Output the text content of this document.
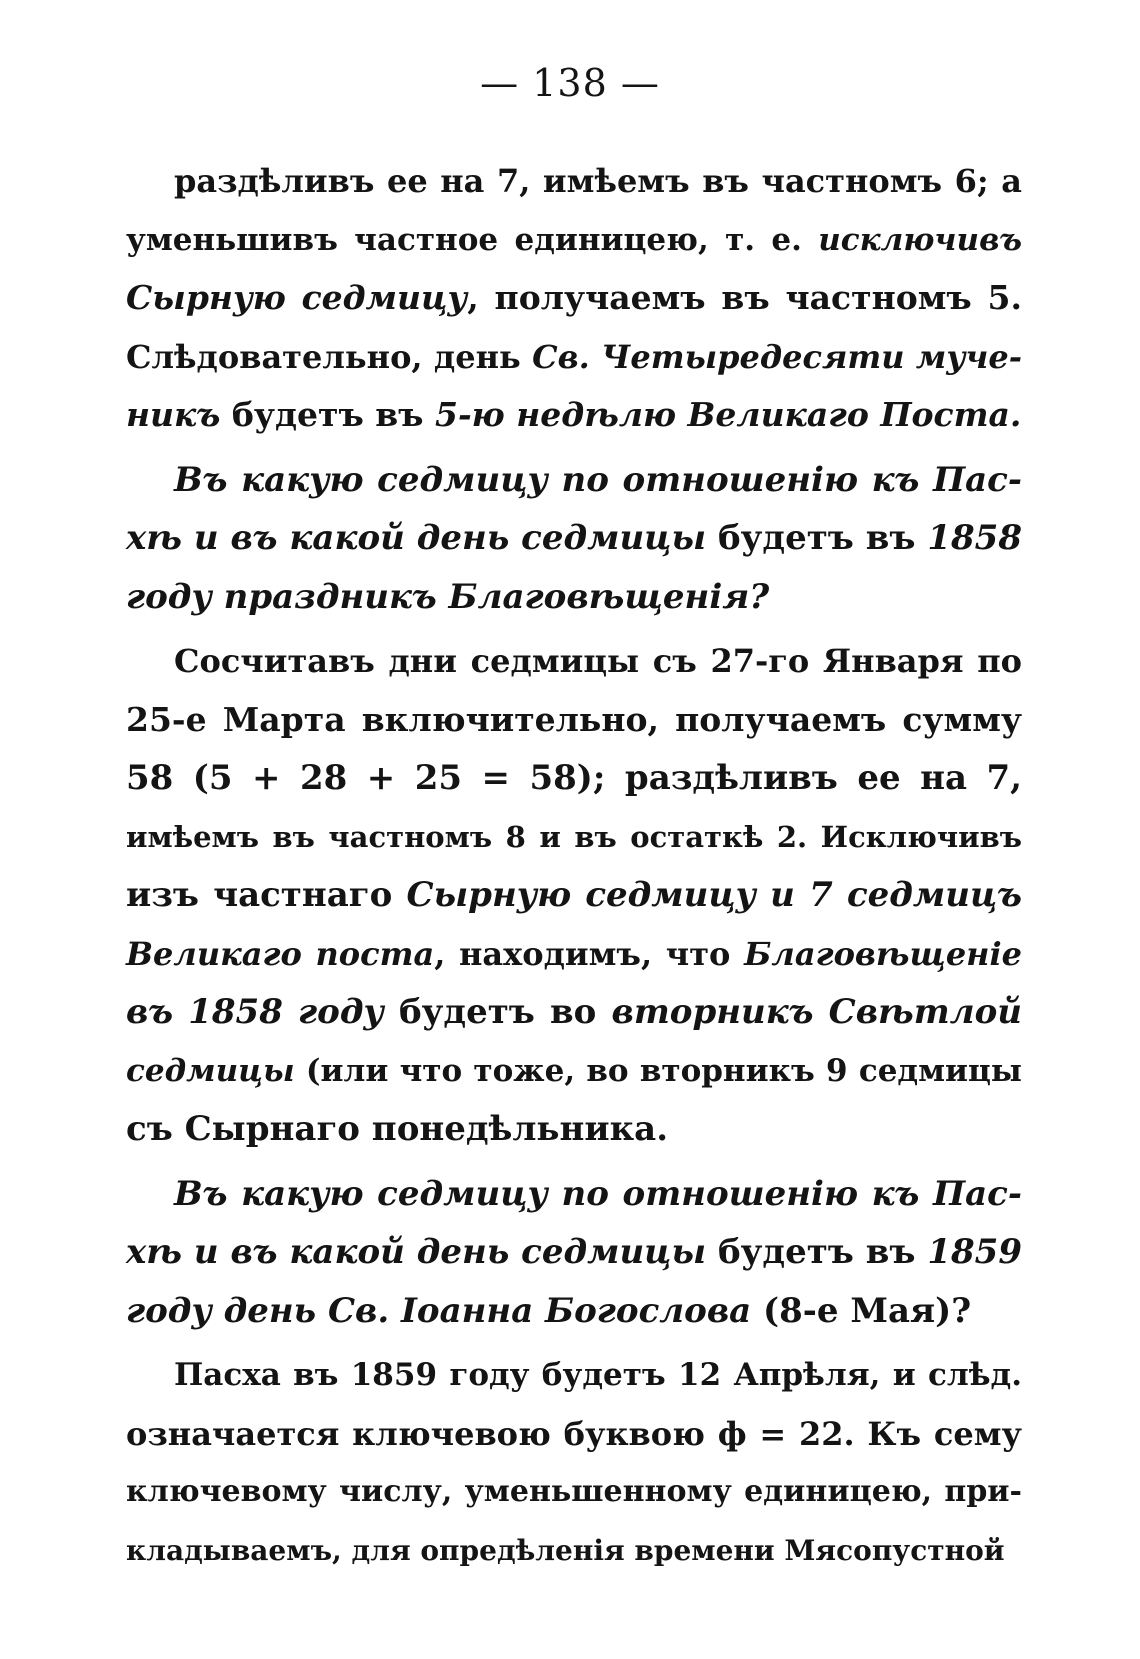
— 138 —
раздѣливъ ее на 7, имѣемъ въ частномъ 6; а
уменьшивъ частное единицею, т. е. исключивъ
Сырную седмицу, получаемъ въ частномъ 5.
Слѣдовательно, день Св. Четыредесяти муче-
никъ будетъ въ 5-ю недѣлю Великаго Поста.
Въ какую седмицу по отношенію къ Пас-
хѣ и въ какой день седмицы будетъ въ 1858
году праздникъ Благовѣщенія?
Сосчитавъ дни седмицы съ 27-го Января по
25-е Марта включительно, получаемъ сумму
58 (5 + 28 + 25 = 58); раздѣливъ ее на 7,
имѣемъ въ частномъ 8 и въ остаткѣ 2. Исключивъ
изъ частнаго Сырную седмицу и 7 седмицъ
Великаго поста, находимъ, что Благовѣщеніе
въ 1858 году будетъ во вторникъ Свѣтлой
седмицы (или что тоже, во вторникъ 9 седмицы
съ Сырнаго понедѣльника.
Въ какую седмицу по отношенію къ Пас-
хѣ и въ какой день седмицы будетъ въ 1859
году день Св. Іоанна Богослова (8-е Мая)?
Пасха въ 1859 году будетъ 12 Апрѣля, и слѣд.
означается ключевою буквою ф = 22. Къ сему
ключевому числу, уменьшенному единицею, при-
кладываемъ, для опредѣленія времени Мясопустной
